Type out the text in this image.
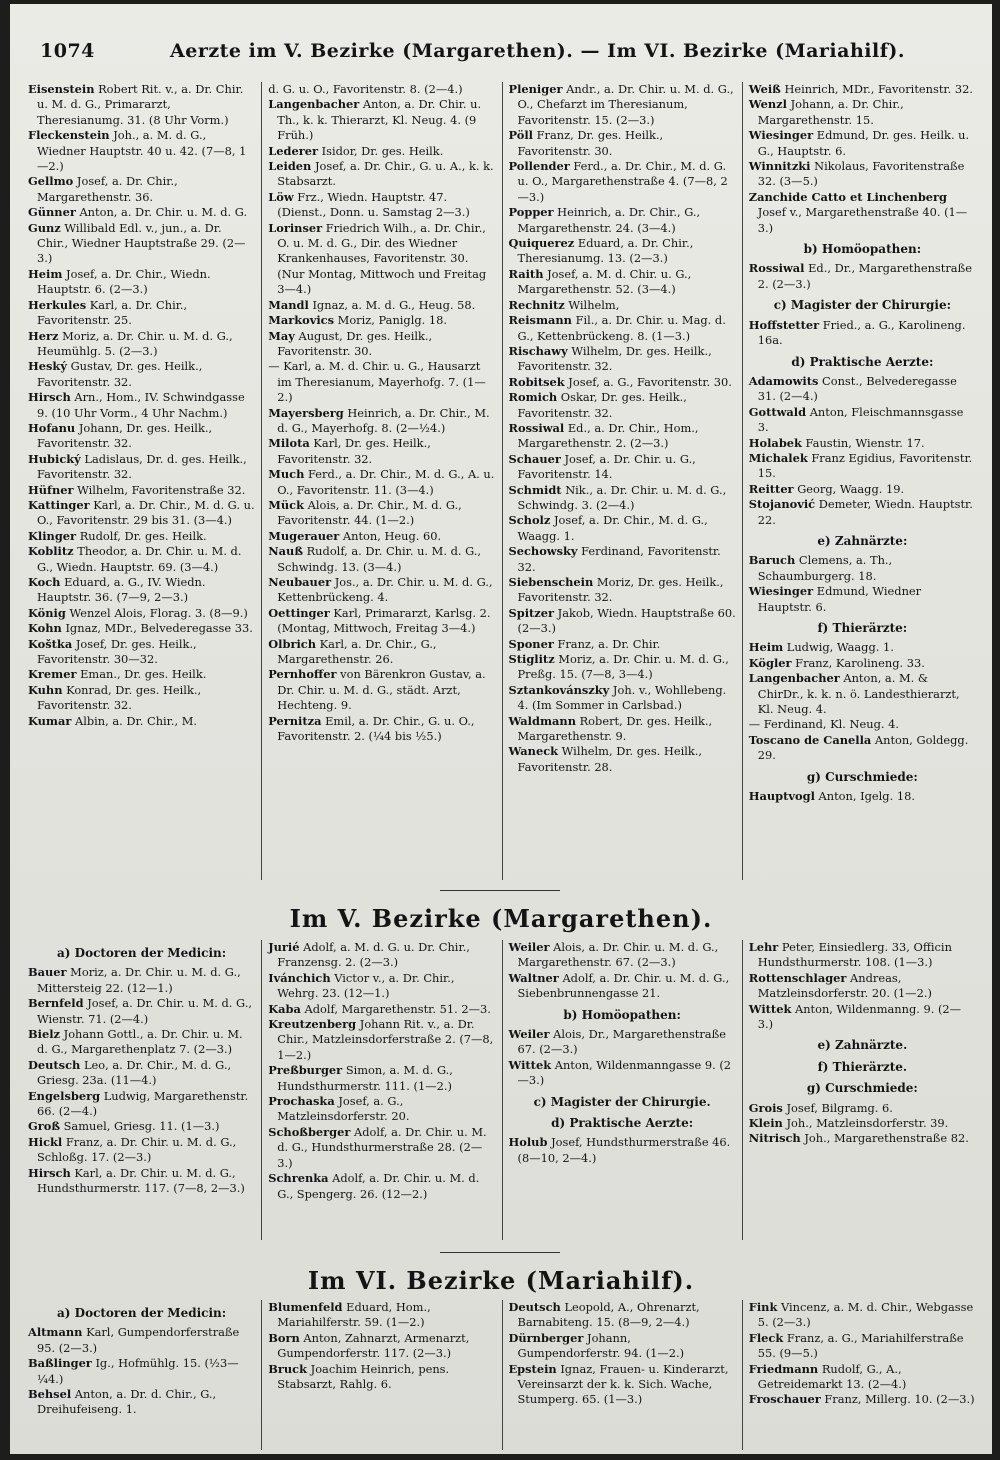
1074	Aerzte im V. Bezirke (Margarethen). — Im VI. Bezirke (Mariahilf).

Eisenstein Robert Rit. v., a. Dr. Chir. u. M. d. G., Primararzt, Theresianumg. 31. (8 Uhr Vorm.)

Fleckenstein Joh., a. M. d. G., Wiedner Hauptstr. 40 u. 42. (7—8, 1—2.)

Gellmo Josef, a. Dr. Chir., Margarethenstr. 36.

Günner Anton, a. Dr. Chir. u. M. d. G.

Gunz Willibald Edl. v., jun., a. Dr. Chir., Wiedner Hauptstraße 29. (2—3.)

Heim Josef, a. Dr. Chir., Wiedn. Hauptstr. 6. (2—3.)

Herkules Karl, a. Dr. Chir., Favoritenstr. 25.

Herz Moriz, a. Dr. Chir. u. M. d. G., Heumühlg. 5. (2—3.)

Heský Gustav, Dr. ges. Heilk., Favoritenstr. 32.

Hirsch Arn., Hom., IV. Schwindgasse 9. (10 Uhr Vorm., 4 Uhr Nachm.)

Hofanu Johann, Dr. ges. Heilk., Favoritenstr. 32.

Hubický Ladislaus, Dr. d. ges. Heilk., Favoritenstr. 32.

Hüfner Wilhelm, Favoritenstraße 32.

Kattinger Karl, a. Dr. Chir., M. d. G. u. O., Favoritenstr. 29 bis 31. (3—4.)

Klinger Rudolf, Dr. ges. Heilk.

Koblitz Theodor, a. Dr. Chir. u. M. d. G., Wiedn. Hauptstr. 69. (3—4.)

Koch Eduard, a. G., IV. Wiedn. Hauptstr. 36. (7—9, 2—3.)

König Wenzel Alois, Florag. 3. (8—9.)

Kohn Ignaz, MDr., Belvederegasse 33.

Koštka Josef, Dr. ges. Heilk., Favoritenstr. 30—32.

Kremer Eman., Dr. ges. Heilk.

Kuhn Konrad, Dr. ges. Heilk., Favoritenstr. 32.

Kumar Albin, a. Dr. Chir., M.

d. G. u. O., Favoritenstr. 8. (2—4.)

Langenbacher Anton, a. Dr. Chir. u. Th., k. k. Thierarzt, Kl. Neug. 4. (9 Früh.)

Lederer Isidor, Dr. ges. Heilk.

Leiden Josef, a. Dr. Chir., G. u. A., k. k. Stabsarzt.

Löw Frz., Wiedn. Hauptstr. 47. (Dienst., Donn. u. Samstag 2—3.)

Lorinser Friedrich Wilh., a. Dr. Chir., O. u. M. d. G., Dir. des Wiedner Krankenhauses, Favoritenstr. 30. (Nur Montag, Mittwoch und Freitag 3—4.)

Mandl Ignaz, a. M. d. G., Heug. 58.

Markovics Moriz, Paniglg. 18.

May August, Dr. ges. Heilk., Favoritenstr. 30.

— Karl, a. M. d. Chir. u. G., Hausarzt im Theresianum, Mayerhofg. 7. (1—2.)

Mayersberg Heinrich, a. Dr. Chir., M. d. G., Mayerhofg. 8. (2—½4.)

Milota Karl, Dr. ges. Heilk., Favoritenstr. 32.

Much Ferd., a. Dr. Chir., M. d. G., A. u. O., Favoritenstr. 11. (3—4.)

Mück Alois, a. Dr. Chir., M. d. G., Favoritenstr. 44. (1—2.)

Mugerauer Anton, Heug. 60.

Nauß Rudolf, a. Dr. Chir. u. M. d. G., Schwindg. 13. (3—4.)

Neubauer Jos., a. Dr. Chir. u. M. d. G., Kettenbrückeng. 4.

Oettinger Karl, Primararzt, Karlsg. 2. (Montag, Mittwoch, Freitag 3—4.)

Olbrich Karl, a. Dr. Chir., G., Margarethenstr. 26.

Pernhoffer von Bärenkron Gustav, a. Dr. Chir. u. M. d. G., städt. Arzt, Hechteng. 9.

Pernitza Emil, a. Dr. Chir., G. u. O., Favoritenstr. 2. (¼4 bis ½5.)

Pleniger Andr., a. Dr. Chir. u. M. d. G., O., Chefarzt im Theresianum, Favoritenstr. 15. (2—3.)

Pöll Franz, Dr. ges. Heilk., Favoritenstr. 30.

Pollender Ferd., a. Dr. Chir., M. d. G. u. O., Margarethenstraße 4. (7—8, 2—3.)

Popper Heinrich, a. Dr. Chir., G., Margarethenstr. 24. (3—4.)

Quiquerez Eduard, a. Dr. Chir., Theresianumg. 13. (2—3.)

Raith Josef, a. M. d. Chir. u. G., Margarethenstr. 52. (3—4.)

Rechnitz Wilhelm,

Reismann Fil., a. Dr. Chir. u. Mag. d. G., Kettenbrückeng. 8. (1—3.)

Rischawy Wilhelm, Dr. ges. Heilk., Favoritenstr. 32.

Robitsek Josef, a. G., Favoritenstr. 30.

Romich Oskar, Dr. ges. Heilk., Favoritenstr. 32.

Rossiwal Ed., a. Dr. Chir., Hom., Margarethenstr. 2. (2—3.)

Schauer Josef, a. Dr. Chir. u. G., Favoritenstr. 14.

Schmidt Nik., a. Dr. Chir. u. M. d. G., Schwindg. 3. (2—4.)

Scholz Josef, a. Dr. Chir., M. d. G., Waagg. 1.

Sechowsky Ferdinand, Favoritenstr. 32.

Siebenschein Moriz, Dr. ges. Heilk., Favoritenstr. 32.

Spitzer Jakob, Wiedn. Hauptstraße 60. (2—3.)

Sponer Franz, a. Dr. Chir.

Stiglitz Moriz, a. Dr. Chir. u. M. d. G., Preßg. 15. (7—8, 3—4.)

Sztankovánszky Joh. v., Wohllebeng. 4. (Im Sommer in Carlsbad.)

Waldmann Robert, Dr. ges. Heilk., Margarethenstr. 9.

Waneck Wilhelm, Dr. ges. Heilk., Favoritenstr. 28.

Weiß Heinrich, MDr., Favoritenstr. 32.

Wenzl Johann, a. Dr. Chir., Margarethenstr. 15.

Wiesinger Edmund, Dr. ges. Heilk. u. G., Hauptstr. 6.

Winnitzki Nikolaus, Favoritenstraße 32. (3—5.)

Zanchide Catto et Linchenberg Josef v., Margarethenstraße 40. (1—3.)

b) Homöopathen:

Rossiwal Ed., Dr., Margarethenstraße 2. (2—3.)

c) Magister der Chirurgie:

Hoffstetter Fried., a. G., Karolineng. 16a.

d) Praktische Aerzte:

Adamowits Const., Belvederegasse 31. (2—4.)

Gottwald Anton, Fleischmannsgasse 3.

Holabek Faustin, Wienstr. 17.

Michalek Franz Egidius, Favoritenstr. 15.

Reitter Georg, Waagg. 19.

Stojanović Demeter, Wiedn. Hauptstr. 22.

e) Zahnärzte:

Baruch Clemens, a. Th., Schaumburgerg. 18.

Wiesinger Edmund, Wiedner Hauptstr. 6.

f) Thierärzte:

Heim Ludwig, Waagg. 1.

Kögler Franz, Karolineng. 33.

Langenbacher Anton, a. M. & ChirDr., k. k. n. ö. Landesthierarzt, Kl. Neug. 4.

— Ferdinand, Kl. Neug. 4.

Toscano de Canella Anton, Goldegg. 29.

g) Curschmiede:

Hauptvogl Anton, Igelg. 18.

Im V. Bezirke (Margarethen).
a) Doctoren der Medicin:

Bauer Moriz, a. Dr. Chir. u. M. d. G., Mittersteig 22. (12—1.)

Bernfeld Josef, a. Dr. Chir. u. M. d. G., Wienstr. 71. (2—4.)

Bielz Johann Gottl., a. Dr. Chir. u. M. d. G., Margarethenplatz 7. (2—3.)

Deutsch Leo, a. Dr. Chir., M. d. G., Griesg. 23a. (11—4.)

Engelsberg Ludwig, Margarethenstr. 66. (2—4.)

Groß Samuel, Griesg. 11. (1—3.)

Hickl Franz, a. Dr. Chir. u. M. d. G., Schloßg. 17. (2—3.)

Hirsch Karl, a. Dr. Chir. u. M. d. G., Hundsthurmerstr. 117. (7—8, 2—3.)

Jurié Adolf, a. M. d. G. u. Dr. Chir., Franzensg. 2. (2—3.)

Ivánchich Victor v., a. Dr. Chir., Wehrg. 23. (12—1.)

Kaba Adolf, Margarethenstr. 51. 2—3.

Kreutzenberg Johann Rit. v., a. Dr. Chir., Matzleinsdorferstraße 2. (7—8, 1—2.)

Preßburger Simon, a. M. d. G., Hundsthurmerstr. 111. (1—2.)

Prochaska Josef, a. G., Matzleinsdorferstr. 20.

Schoßberger Adolf, a. Dr. Chir. u. M. d. G., Hundsthurmerstraße 28. (2—3.)

Schrenka Adolf, a. Dr. Chir. u. M. d. G., Spengerg. 26. (12—2.)

Weiler Alois, a. Dr. Chir. u. M. d. G., Margarethenstr. 67. (2—3.)

Waltner Adolf, a. Dr. Chir. u. M. d. G., Siebenbrunnengasse 21.

b) Homöopathen:

Weiler Alois, Dr., Margarethenstraße 67. (2—3.)

Wittek Anton, Wildenmanngasse 9. (2—3.)

c) Magister der Chirurgie.
d) Praktische Aerzte:

Holub Josef, Hundsthurmerstraße 46. (8—10, 2—4.)

Lehr Peter, Einsiedlerg. 33, Officin Hundsthurmerstr. 108. (1—3.)

Rottenschlager Andreas, Matzleinsdorferstr. 20. (1—2.)

Wittek Anton, Wildenmanng. 9. (2—3.)

e) Zahnärzte.
f) Thierärzte.
g) Curschmiede:

Grois Josef, Bilgramg. 6.

Klein Joh., Matzleinsdorferstr. 39.

Nitrisch Joh., Margarethenstraße 82.

Im VI. Bezirke (Mariahilf).
a) Doctoren der Medicin:

Altmann Karl, Gumpendorferstraße 95. (2—3.)

Baßlinger Ig., Hofmühlg. 15. (½3—¼4.)

Behsel Anton, a. Dr. d. Chir., G., Dreihufeiseng. 1.

Blumenfeld Eduard, Hom., Mariahilferstr. 59. (1—2.)

Born Anton, Zahnarzt, Armenarzt, Gumpendorferstr. 117. (2—3.)

Bruck Joachim Heinrich, pens. Stabsarzt, Rahlg. 6.

Deutsch Leopold, A., Ohrenarzt, Barnabiteng. 15. (8—9, 2—4.)

Dürnberger Johann, Gumpendorferstr. 94. (1—2.)

Epstein Ignaz, Frauen- u. Kinderarzt, Vereinsarzt der k. k. Sich. Wache, Stumperg. 65. (1—3.)

Fink Vincenz, a. M. d. Chir., Webgasse 5. (2—3.)

Fleck Franz, a. G., Mariahilferstraße 55. (9—5.)

Friedmann Rudolf, G., A., Getreidemarkt 13. (2—4.)

Froschauer Franz, Millerg. 10. (2—3.)
